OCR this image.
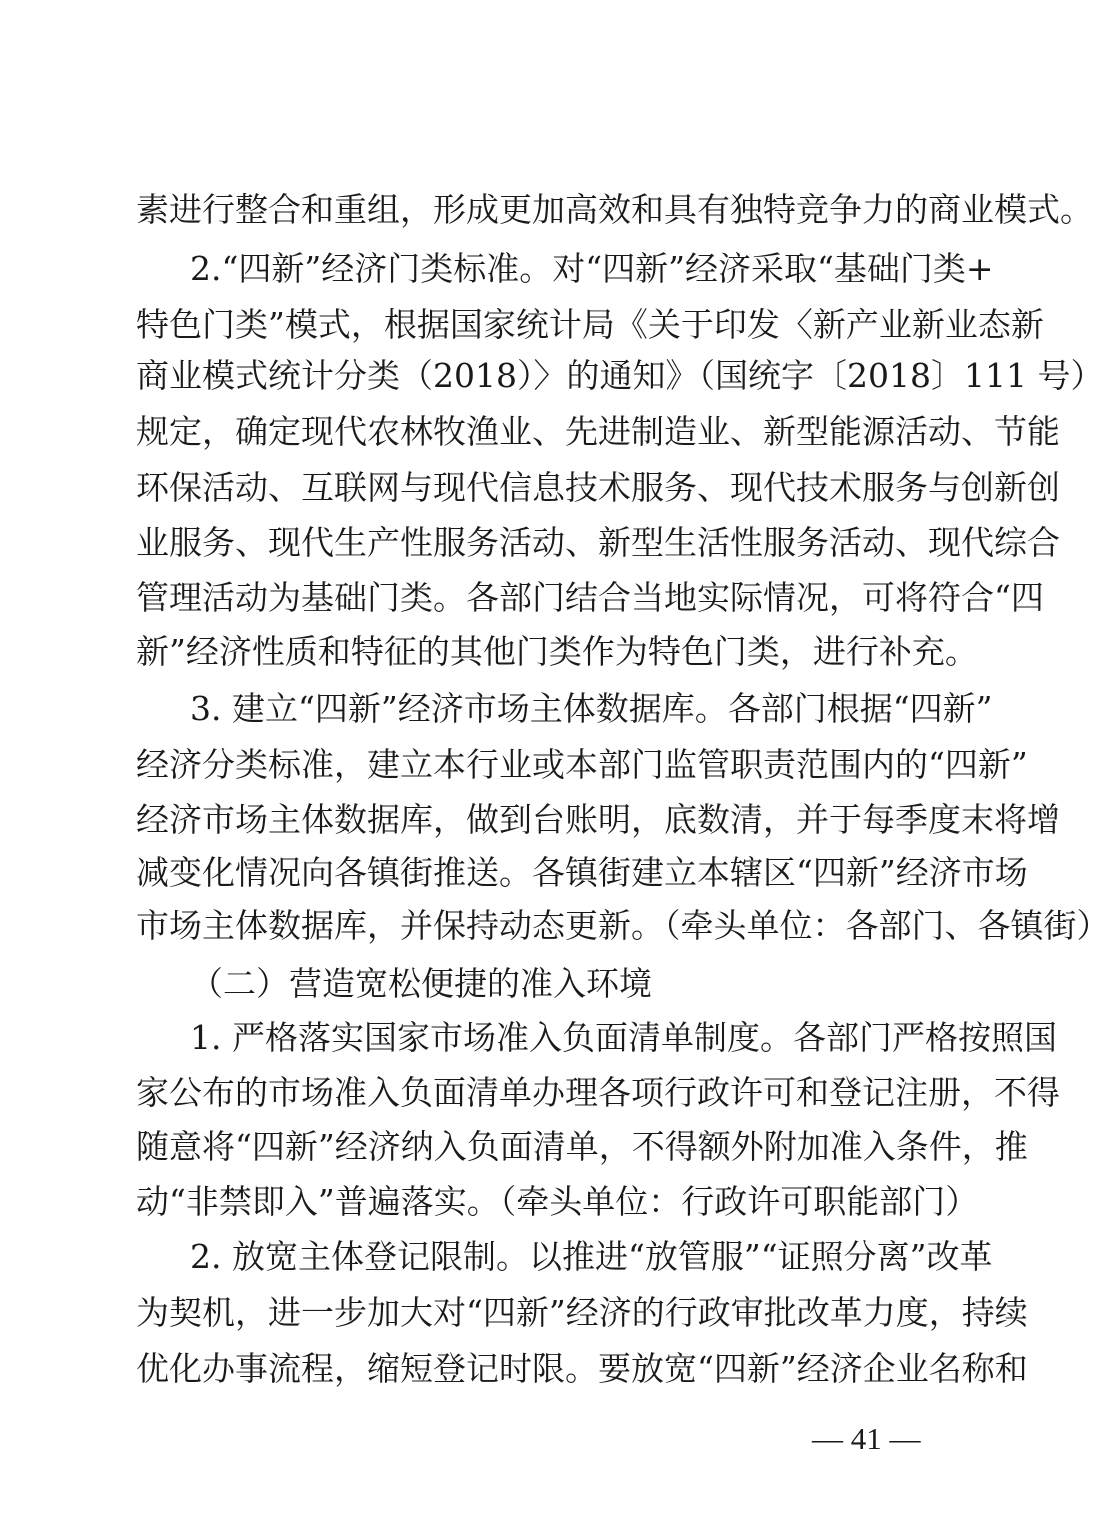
素进行整合和重组，形成更加高效和具有独特竞争力的商业模式。
2.“四新”经济门类标准。对“四新”经济采取“基础门类+
特色门类”模式，根据国家统计局《关于印发〈新产业新业态新
商业模式统计分类（2018）〉的通知》（国统字〔2018〕111 号）
规定，确定现代农林牧渔业、先进制造业、新型能源活动、节能
环保活动、互联网与现代信息技术服务、现代技术服务与创新创
业服务、现代生产性服务活动、新型生活性服务活动、现代综合
管理活动为基础门类。各部门结合当地实际情况，可将符合“四
新”经济性质和特征的其他门类作为特色门类，进行补充。
3. 建立“四新”经济市场主体数据库。各部门根据“四新”
经济分类标准，建立本行业或本部门监管职责范围内的“四新”
经济市场主体数据库，做到台账明，底数清，并于每季度末将增
减变化情况向各镇街推送。各镇街建立本辖区“四新”经济市场
市场主体数据库，并保持动态更新。（牵头单位：各部门、各镇街）
（二）营造宽松便捷的准入环境
1. 严格落实国家市场准入负面清单制度。各部门严格按照国
家公布的市场准入负面清单办理各项行政许可和登记注册，不得
随意将“四新”经济纳入负面清单，不得额外附加准入条件，推
动“非禁即入”普遍落实。（牵头单位：行政许可职能部门）
2. 放宽主体登记限制。以推进“放管服”“证照分离”改革
为契机，进一步加大对“四新”经济的行政审批改革力度，持续
优化办事流程，缩短登记时限。要放宽“四新”经济企业名称和
— 41 —
